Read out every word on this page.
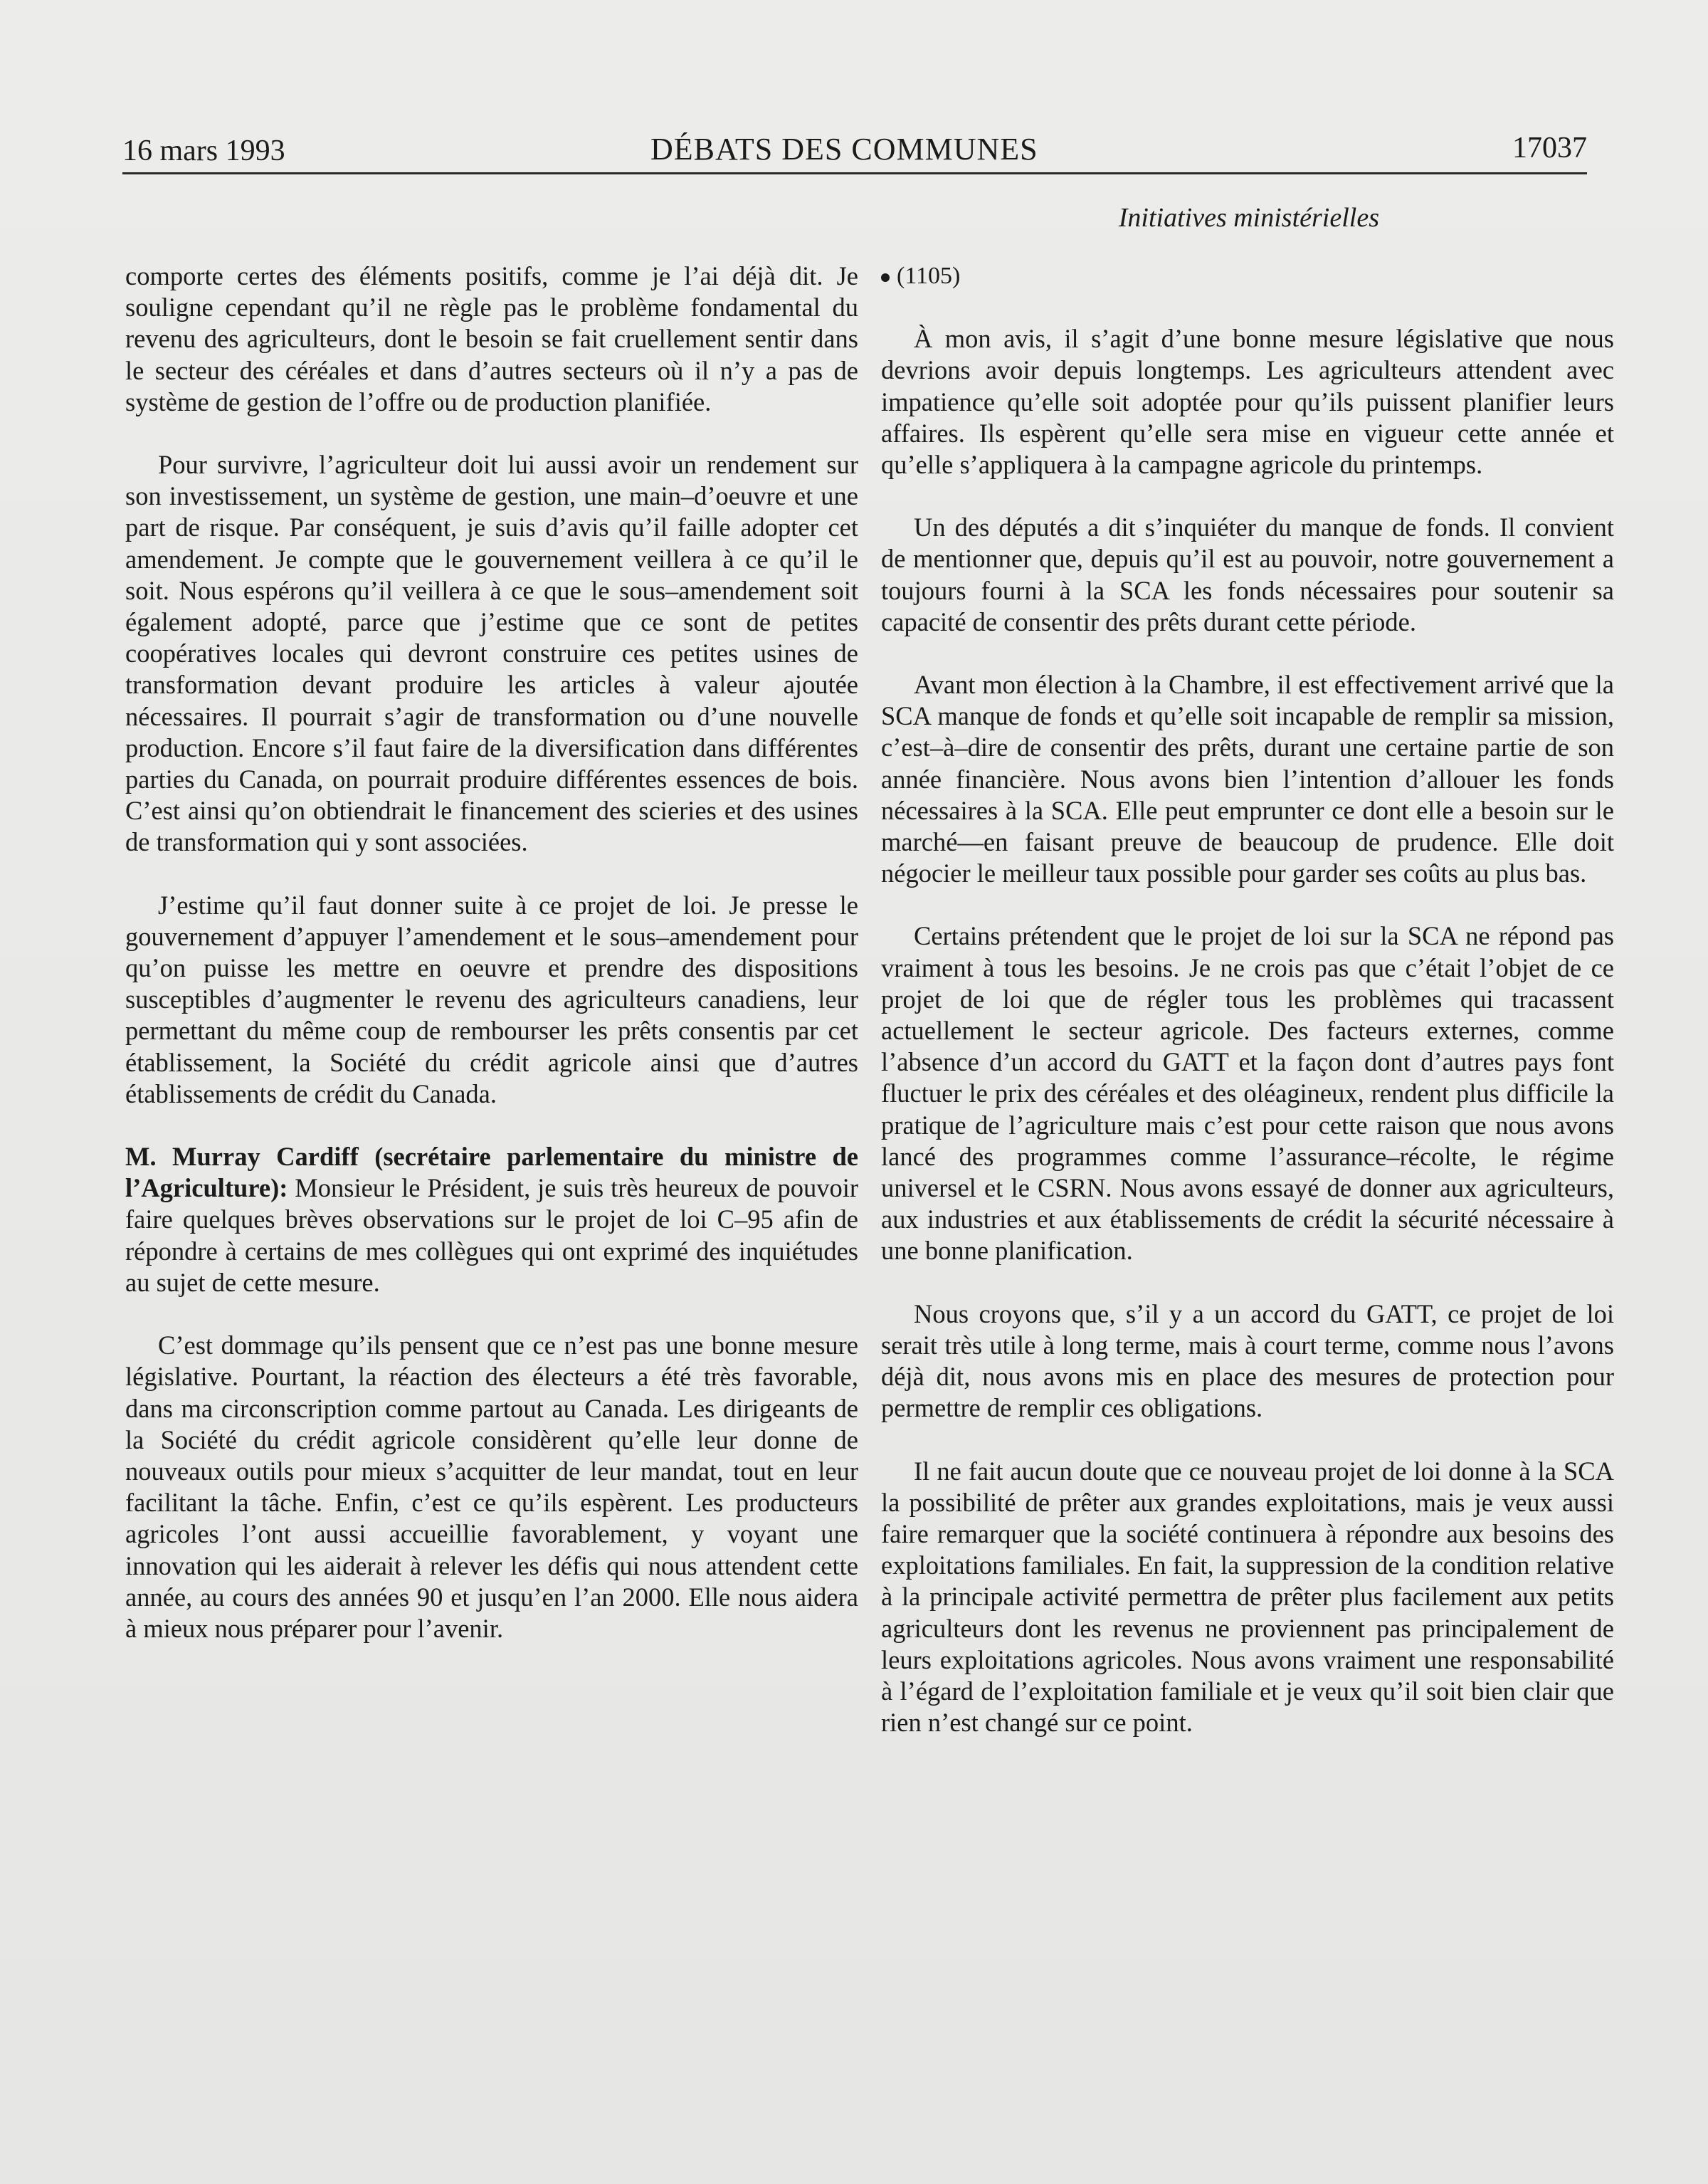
16 mars 1993	DÉBATS DES COMMUNES	17037
Initiatives ministérielles

comporte certes des éléments positifs, comme je l’ai déjà dit. Je souligne cependant qu’il ne règle pas le problème fondamental du revenu des agriculteurs, dont le besoin se fait cruellement sentir dans le secteur des céréales et dans d’autres secteurs où il n’y a pas de système de gestion de l’offre ou de production planifiée.

Pour survivre, l’agriculteur doit lui aussi avoir un rendement sur son investissement, un système de gestion, une main–d’oeuvre et une part de risque. Par conséquent, je suis d’avis qu’il faille adopter cet amendement. Je compte que le gouvernement veillera à ce qu’il le soit. Nous espérons qu’il veillera à ce que le sous–amendement soit également adopté, parce que j’estime que ce sont de petites coopératives locales qui devront construire ces petites usines de transformation devant produire les articles à valeur ajoutée nécessaires. Il pourrait s’agir de transformation ou d’une nouvelle production. Encore s’il faut faire de la diversification dans différentes parties du Canada, on pourrait produire différentes essences de bois. C’est ainsi qu’on obtiendrait le financement des scieries et des usines de transformation qui y sont associées.

J’estime qu’il faut donner suite à ce projet de loi. Je presse le gouvernement d’appuyer l’amendement et le sous–amendement pour qu’on puisse les mettre en oeuvre et prendre des dispositions susceptibles d’augmenter le revenu des agriculteurs canadiens, leur permettant du même coup de rembourser les prêts consentis par cet établissement, la Société du crédit agricole ainsi que d’autres établissements de crédit du Canada.

M. Murray Cardiff (secrétaire parlementaire du ministre de l’Agriculture): Monsieur le Président, je suis très heureux de pouvoir faire quelques brèves observations sur le projet de loi C–95 afin de répondre à certains de mes collègues qui ont exprimé des inquiétudes au sujet de cette mesure.

C’est dommage qu’ils pensent que ce n’est pas une bonne mesure législative. Pourtant, la réaction des électeurs a été très favorable, dans ma circonscription comme partout au Canada. Les dirigeants de la Société du crédit agricole considèrent qu’elle leur donne de nouveaux outils pour mieux s’acquitter de leur mandat, tout en leur facilitant la tâche. Enfin, c’est ce qu’ils espèrent. Les producteurs agricoles l’ont aussi accueillie favorablement, y voyant une innovation qui les aiderait à relever les défis qui nous attendent cette année, au cours des années 90 et jusqu’en l’an 2000. Elle nous aidera à mieux nous préparer pour l’avenir.

(1105)

À mon avis, il s’agit d’une bonne mesure législative que nous devrions avoir depuis longtemps. Les agriculteurs attendent avec impatience qu’elle soit adoptée pour qu’ils puissent planifier leurs affaires. Ils espèrent qu’elle sera mise en vigueur cette année et qu’elle s’appliquera à la campagne agricole du printemps.

Un des députés a dit s’inquiéter du manque de fonds. Il convient de mentionner que, depuis qu’il est au pouvoir, notre gouvernement a toujours fourni à la SCA les fonds nécessaires pour soutenir sa capacité de consentir des prêts durant cette période.

Avant mon élection à la Chambre, il est effectivement arrivé que la SCA manque de fonds et qu’elle soit incapable de remplir sa mission, c’est–à–dire de consentir des prêts, durant une certaine partie de son année financière. Nous avons bien l’intention d’allouer les fonds nécessaires à la SCA. Elle peut emprunter ce dont elle a besoin sur le marché—en faisant preuve de beaucoup de prudence. Elle doit négocier le meilleur taux possible pour garder ses coûts au plus bas.

Certains prétendent que le projet de loi sur la SCA ne répond pas vraiment à tous les besoins. Je ne crois pas que c’était l’objet de ce projet de loi que de régler tous les problèmes qui tracassent actuellement le secteur agricole. Des facteurs externes, comme l’absence d’un accord du GATT et la façon dont d’autres pays font fluctuer le prix des céréales et des oléagineux, rendent plus difficile la pratique de l’agriculture mais c’est pour cette raison que nous avons lancé des programmes comme l’assurance–récolte, le régime universel et le CSRN. Nous avons essayé de donner aux agriculteurs, aux industries et aux établissements de crédit la sécurité nécessaire à une bonne planification.

Nous croyons que, s’il y a un accord du GATT, ce projet de loi serait très utile à long terme, mais à court terme, comme nous l’avons déjà dit, nous avons mis en place des mesures de protection pour permettre de remplir ces obligations.

Il ne fait aucun doute que ce nouveau projet de loi donne à la SCA la possibilité de prêter aux grandes exploitations, mais je veux aussi faire remarquer que la société continuera à répondre aux besoins des exploitations familiales. En fait, la suppression de la condition relative à la principale activité permettra de prêter plus facilement aux petits agriculteurs dont les revenus ne proviennent pas principalement de leurs exploitations agricoles. Nous avons vraiment une responsabilité à l’égard de l’exploitation familiale et je veux qu’il soit bien clair que rien n’est changé sur ce point.
